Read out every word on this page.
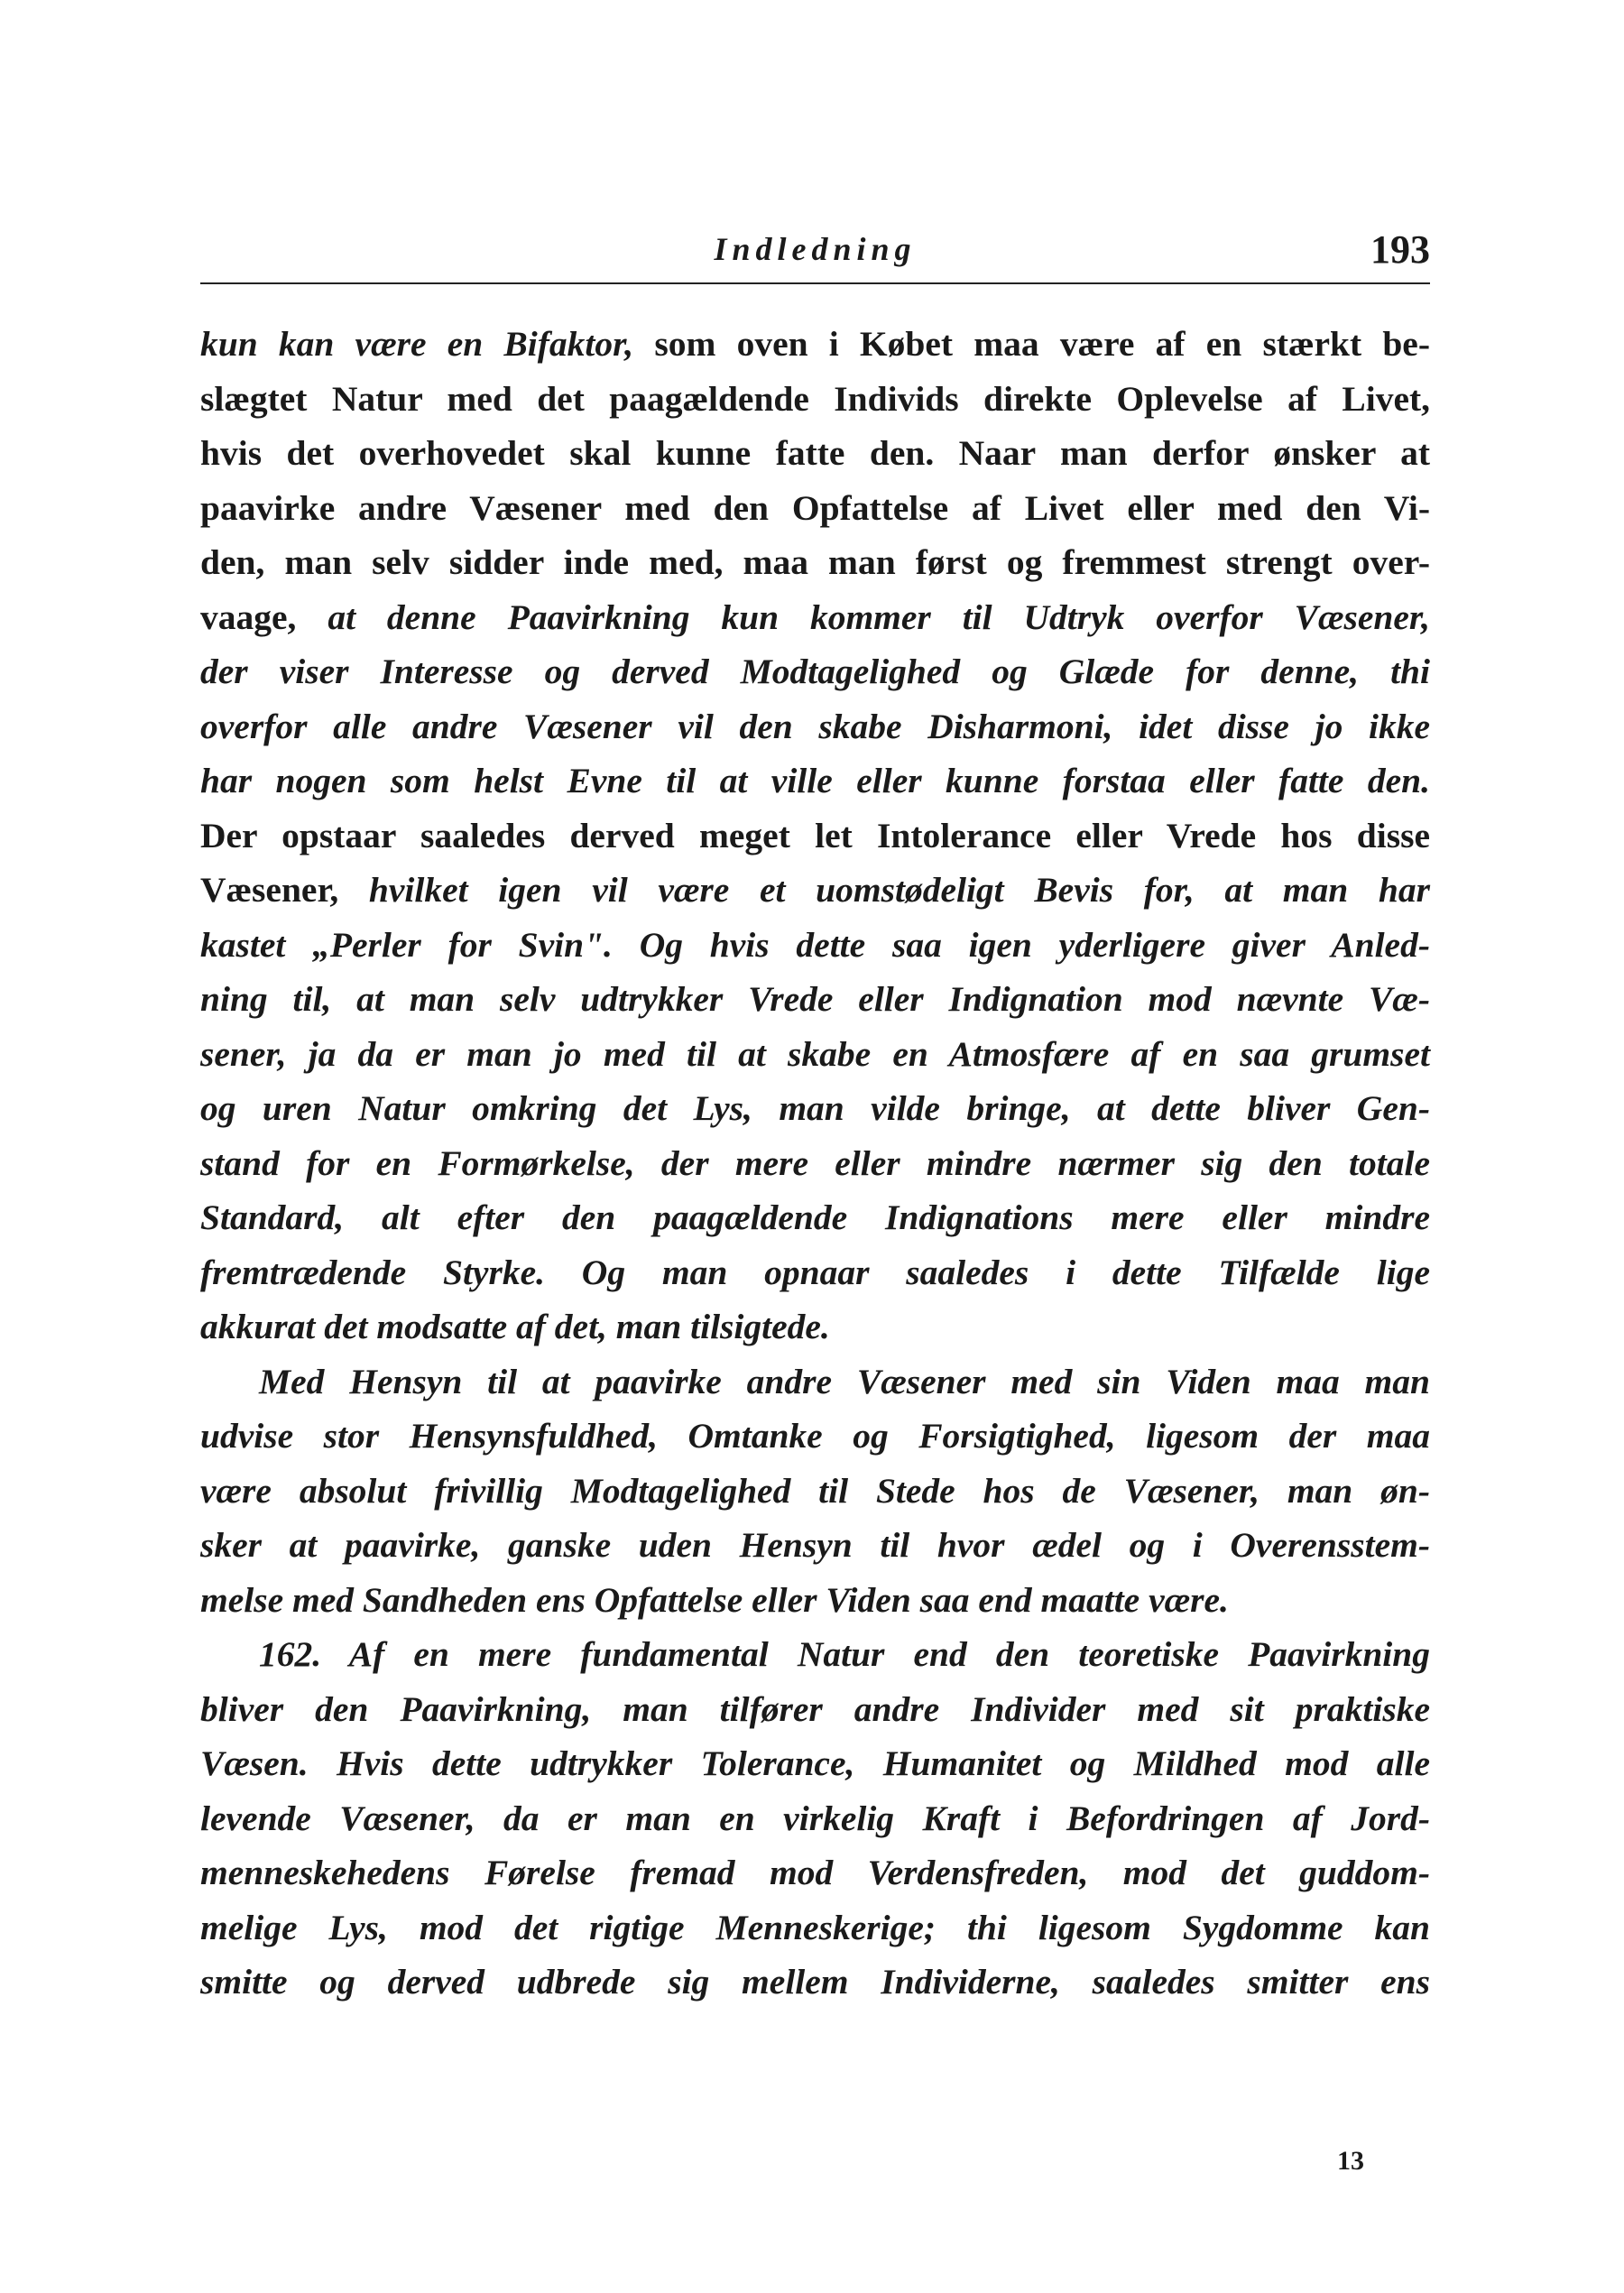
Indledning	193
kun kan være en Bifaktor, som oven i Købet maa være af en stærkt be-
slægtet Natur med det paagældende Individs direkte Oplevelse af Livet,
hvis det overhovedet skal kunne fatte den. Naar man derfor ønsker at
paavirke andre Væsener med den Opfattelse af Livet eller med den Vi-
den, man selv sidder inde med, maa man først og fremmest strengt over-
vaage, at denne Paavirkning kun kommer til Udtryk overfor Væsener,
der viser Interesse og derved Modtagelighed og Glæde for denne, thi
overfor alle andre Væsener vil den skabe Disharmoni, idet disse jo ikke
har nogen som helst Evne til at ville eller kunne forstaa eller fatte den.
Der opstaar saaledes derved meget let Intolerance eller Vrede hos disse
Væsener, hvilket igen vil være et uomstødeligt Bevis for, at man har
kastet „Perler for Svin". Og hvis dette saa igen yderligere giver Anled-
ning til, at man selv udtrykker Vrede eller Indignation mod nævnte Væ-
sener, ja da er man jo med til at skabe en Atmosfære af en saa grumset
og uren Natur omkring det Lys, man vilde bringe, at dette bliver Gen-
stand for en Formørkelse, der mere eller mindre nærmer sig den totale
Standard, alt efter den paagældende Indignations mere eller mindre
fremtrædende Styrke. Og man opnaar saaledes i dette Tilfælde lige
akkurat det modsatte af det, man tilsigtede.
Med Hensyn til at paavirke andre Væsener med sin Viden maa man
udvise stor Hensynsfuldhed, Omtanke og Forsigtighed, ligesom der maa
være absolut frivillig Modtagelighed til Stede hos de Væsener, man øn-
sker at paavirke, ganske uden Hensyn til hvor ædel og i Overensstem-
melse med Sandheden ens Opfattelse eller Viden saa end maatte være.
162. Af en mere fundamental Natur end den teoretiske Paavirkning
bliver den Paavirkning, man tilfører andre Individer med sit praktiske
Væsen. Hvis dette udtrykker Tolerance, Humanitet og Mildhed mod alle
levende Væsener, da er man en virkelig Kraft i Befordringen af Jord-
menneskehedens Førelse fremad mod Verdensfreden, mod det guddom-
melige Lys, mod det rigtige Menneskerige; thi ligesom Sygdomme kan
smitte og derved udbrede sig mellem Individerne, saaledes smitter ens
13
